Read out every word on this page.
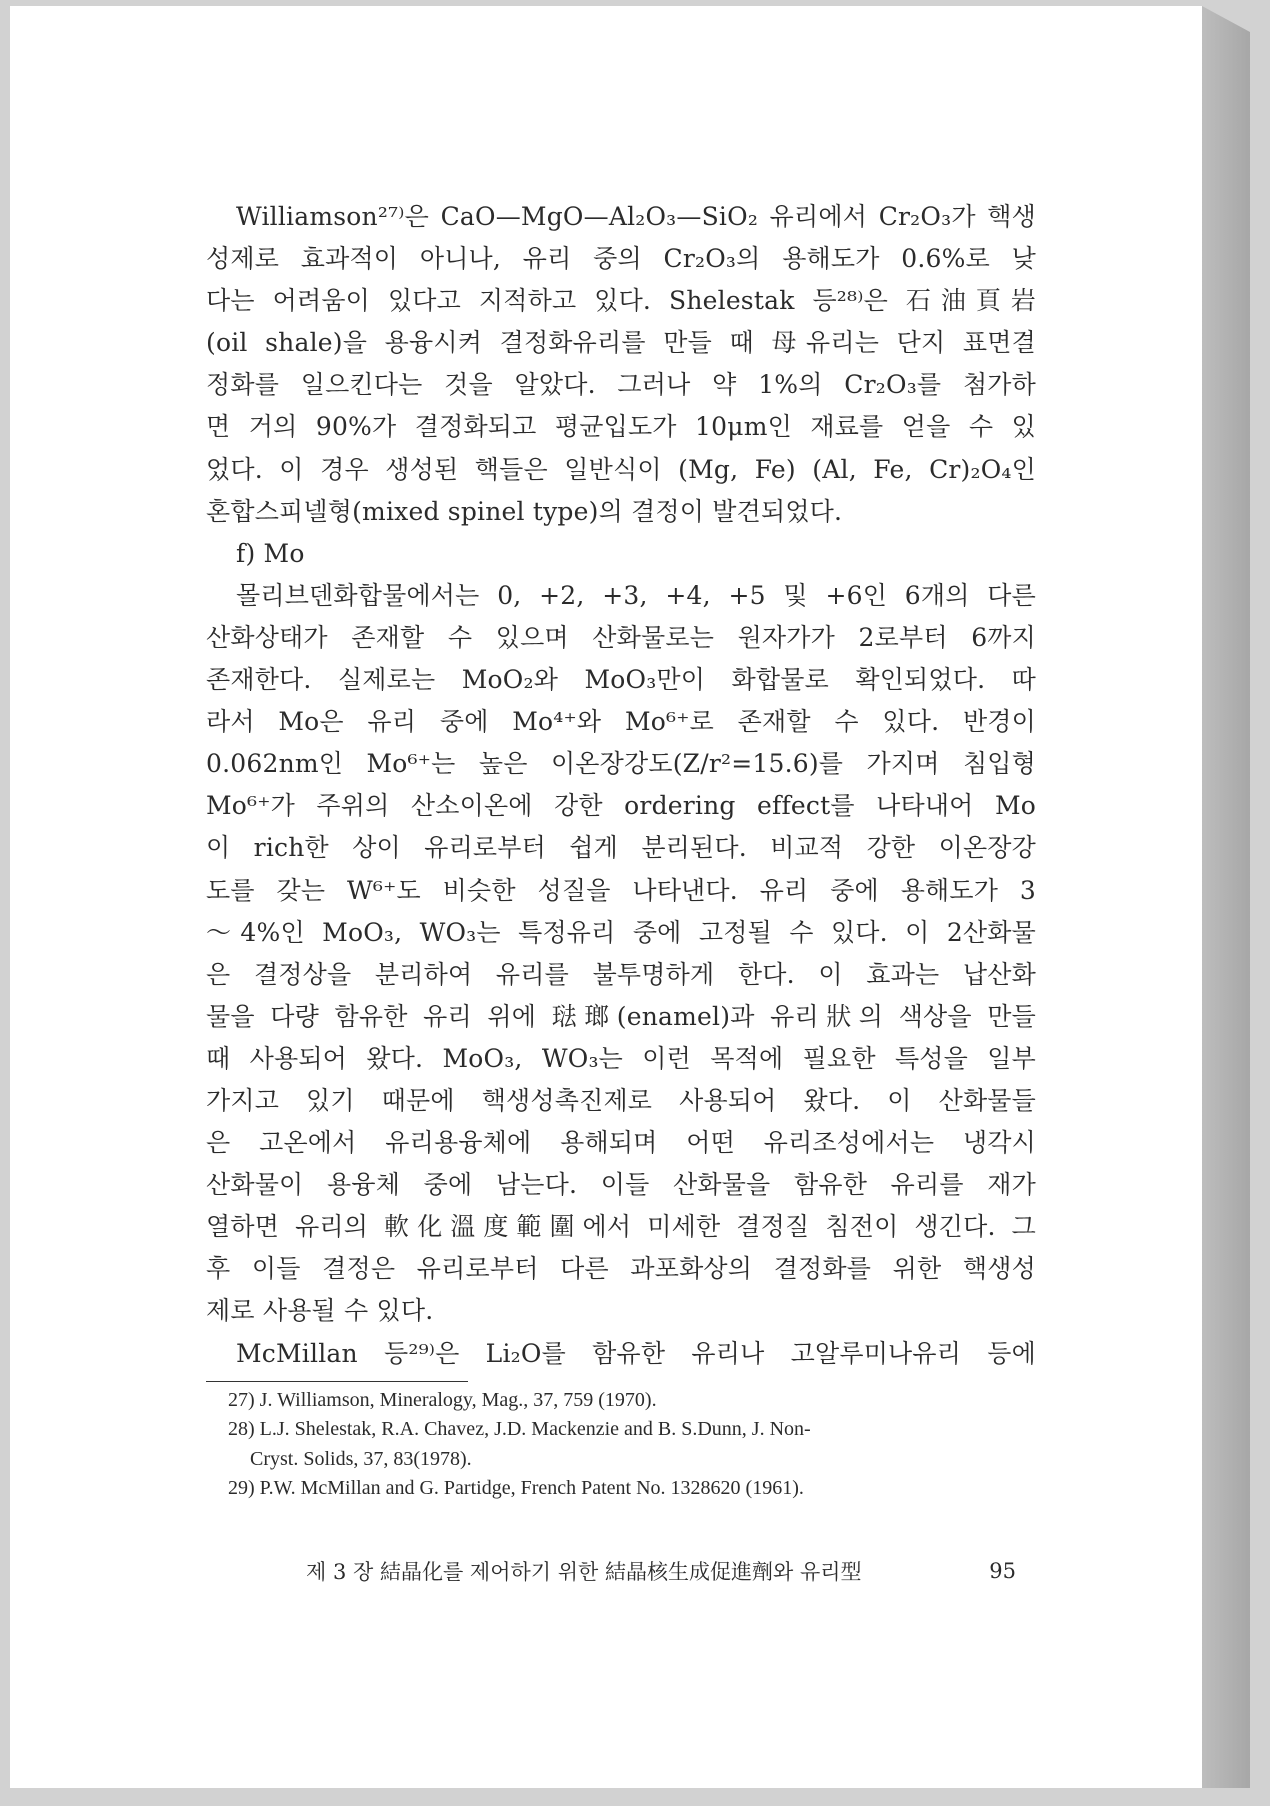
Williamson²⁷⁾은 CaO—MgO—Al₂O₃—SiO₂ 유리에서 Cr₂O₃가 핵생
성제로 효과적이 아니나, 유리 중의 Cr₂O₃의 용해도가 0.6%로 낮
다는 어려움이 있다고 지적하고 있다. Shelestak 등²⁸⁾은 石油頁岩
(oil shale)을 용융시켜 결정화유리를 만들 때 母유리는 단지 표면결
정화를 일으킨다는 것을 알았다. 그러나 약 1%의 Cr₂O₃를 첨가하
면 거의 90%가 결정화되고 평균입도가 10μm인 재료를 얻을 수 있
었다. 이 경우 생성된 핵들은 일반식이 (Mg, Fe) (Al, Fe, Cr)₂O₄인
혼합스피넬형(mixed spinel type)의 결정이 발견되었다.
f) Mo
몰리브덴화합물에서는 0, +2, +3, +4, +5 및 +6인 6개의 다른
산화상태가 존재할 수 있으며 산화물로는 원자가가 2로부터 6까지
존재한다. 실제로는 MoO₂와 MoO₃만이 화합물로 확인되었다. 따
라서 Mo은 유리 중에 Mo⁴⁺와 Mo⁶⁺로 존재할 수 있다. 반경이
0.062nm인 Mo⁶⁺는 높은 이온장강도(Z/r²=15.6)를 가지며 침입형
Mo⁶⁺가 주위의 산소이온에 강한 ordering effect를 나타내어 Mo
이 rich한 상이 유리로부터 쉽게 분리된다. 비교적 강한 이온장강
도를 갖는 W⁶⁺도 비슷한 성질을 나타낸다. 유리 중에 용해도가 3
～4%인 MoO₃, WO₃는 특정유리 중에 고정될 수 있다. 이 2산화물
은 결정상을 분리하여 유리를 불투명하게 한다. 이 효과는 납산화
물을 다량 함유한 유리 위에 琺瑯(enamel)과 유리狀의 색상을 만들
때 사용되어 왔다. MoO₃, WO₃는 이런 목적에 필요한 특성을 일부
가지고 있기 때문에 핵생성촉진제로 사용되어 왔다. 이 산화물들
은 고온에서 유리용융체에 용해되며 어떤 유리조성에서는 냉각시
산화물이 용융체 중에 남는다. 이들 산화물을 함유한 유리를 재가
열하면 유리의 軟化溫度範圍에서 미세한 결정질 침전이 생긴다. 그
후 이들 결정은 유리로부터 다른 과포화상의 결정화를 위한 핵생성
제로 사용될 수 있다.
McMillan 등²⁹⁾은 Li₂O를 함유한 유리나 고알루미나유리 등에
27) J. Williamson, Mineralogy, Mag., 37, 759 (1970).
28) L.J. Shelestak, R.A. Chavez, J.D. Mackenzie and B. S.Dunn, J. Non-
Cryst. Solids, 37, 83(1978).
29) P.W. McMillan and G. Partidge, French Patent No. 1328620 (1961).
제 3 장 結晶化를 제어하기 위한 結晶核生成促進劑와 유리型	95
